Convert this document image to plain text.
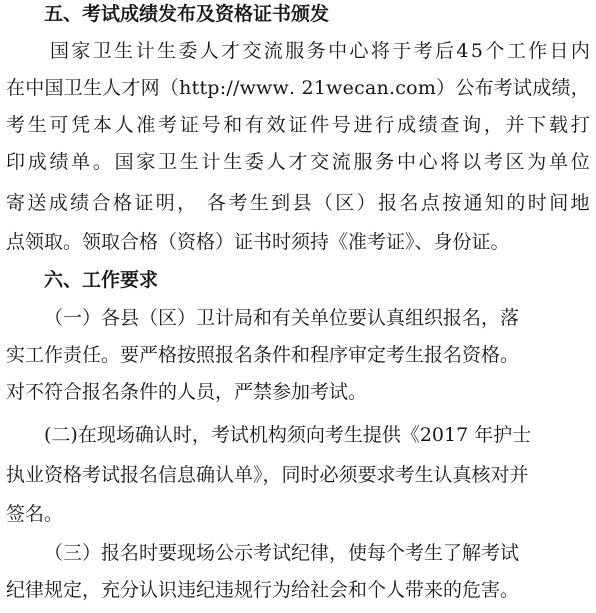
五、考试成绩发布及资格证书颁发
国 家 卫 生 计 生 委 人 才 交 流 服 务 中 心 将 于 考 后 4 5 个 工 作 日 内
在 中 国 卫 生 人 才 网 （ h t t p : / / w w w .
2 1 w e c a n . c o m ） 公 布 考 试 成 绩 ，
考 生 可 凭 本 人 准 考 证 号 和 有 效 证 件 号 进 行 成 绩 查 询 ， 并 下 载 打
印 成 绩 单 。 国 家 卫 生 计 生 委 人 才 交 流 服 务 中 心 将 以 考 区 为 单 位
寄 送 成 绩 合 格 证 明 ，
各 考 生 到 县 （ 区 ） 报 名 点 按 通 知 的 时 间 地
点领取。领取合格（资格）证书时须持《准考证》、身份证。
六、工作要求
（一）各县（区）卫计局和有关单位要认真组织报名，落
实工作责任。要严格按照报名条件和程序审定考生报名资格。
对不符合报名条件的人员，严禁参加考试。
(二)在现场确认时，考试机构须向考生提供《2017 年护士
执业资格考试报名信息确认单》，同时必须要求考生认真核对并
签名。
（三）报名时要现场公示考试纪律，使每个考生了解考试
纪律规定，充分认识违纪违规行为给社会和个人带来的危害。
